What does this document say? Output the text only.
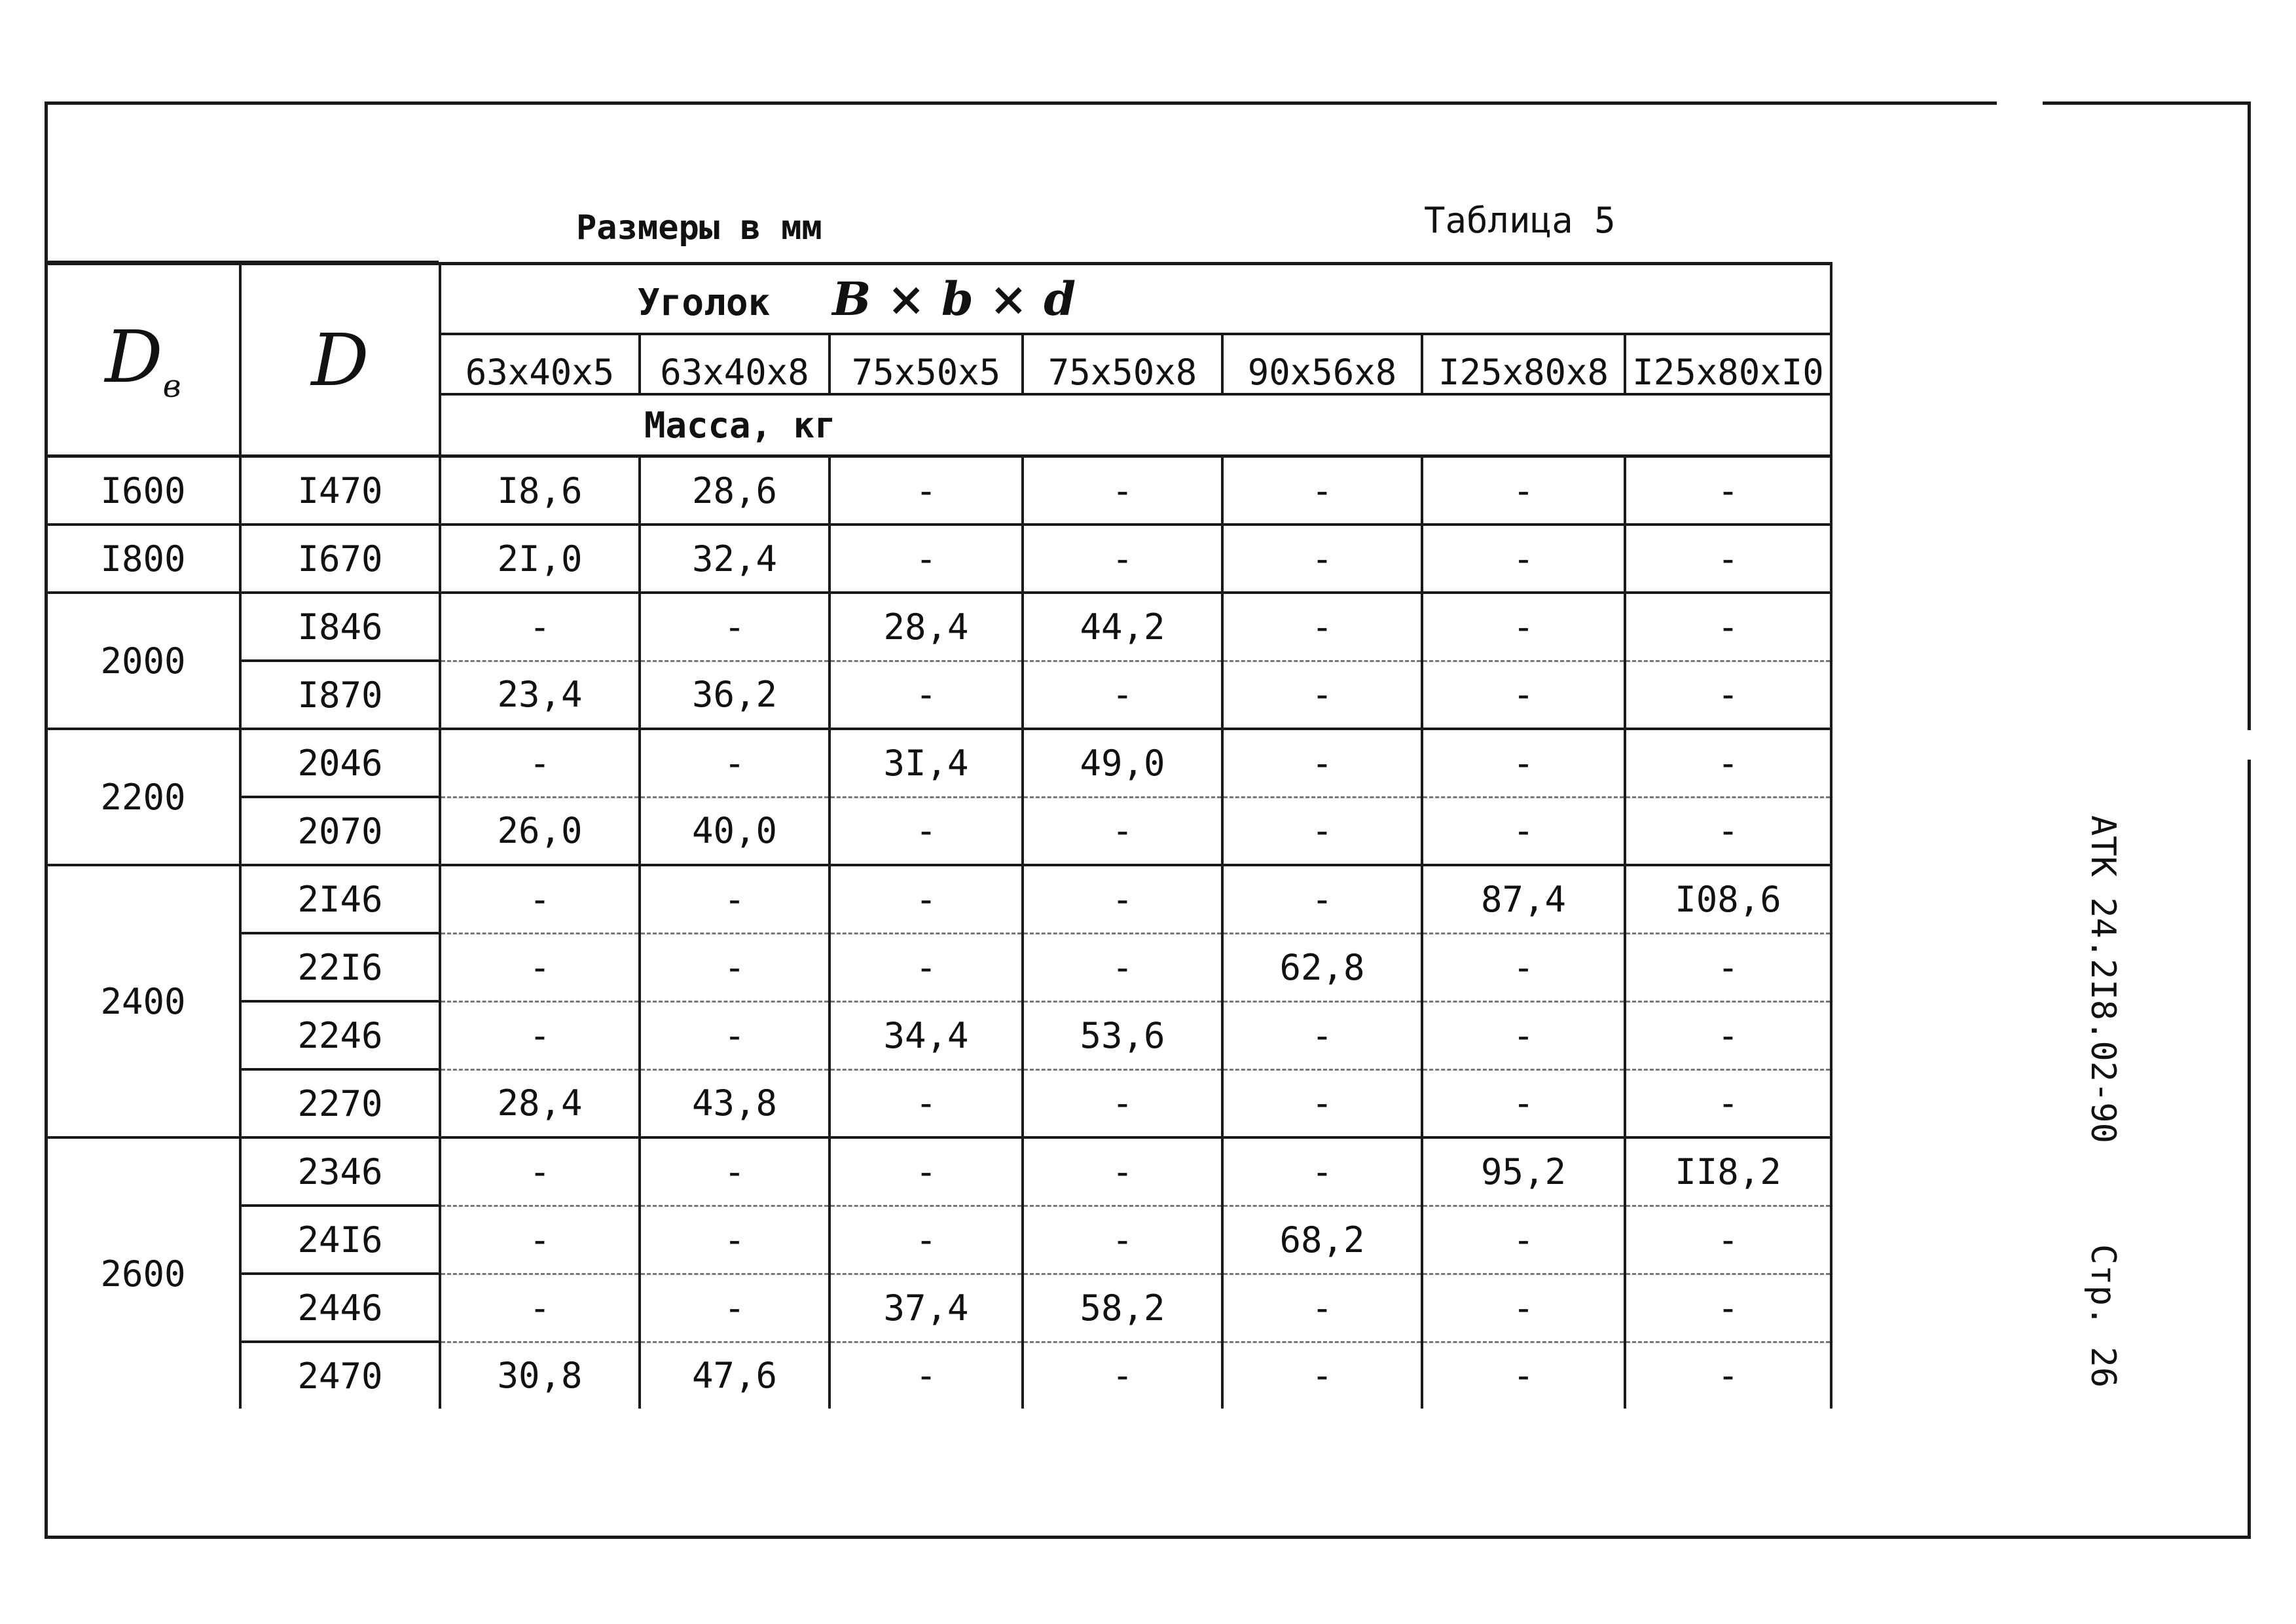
Размеры в мм	Таблица 5
$D_в$	D	Уголок B × b × d						
		63x40x5	63x40x8	75x50x5	75x50x8	90x56x8	I25x80x8	I25x80xI0
		Масса, кг						
I600	I470	I8,6	28,6	-	-	-	-	-
I800	I670	2I,0	32,4	-	-	-	-	-
2000	I846	-	-	28,4	44,2	-	-	-
	I870	23,4	36,2	-	-	-	-	-
2200	2046	-	-	3I,4	49,0	-	-	-
	2070	26,0	40,0	-	-	-	-	-
2400	2I46	-	-	-	-	-	87,4	I08,6
	22I6	-	-	-	-	62,8	-	-
	2246	-	-	34,4	53,6	-	-	-
	2270	28,4	43,8	-	-	-	-	-
2600	2346	-	-	-	-	-	95,2	II8,2
	24I6	-	-	-	-	68,2	-	-
	2446	-	-	37,4	58,2	-	-	-
	2470	30,8	47,6	-	-	-	-	-
АТК 24.2I8.02-90
Стр. 26
